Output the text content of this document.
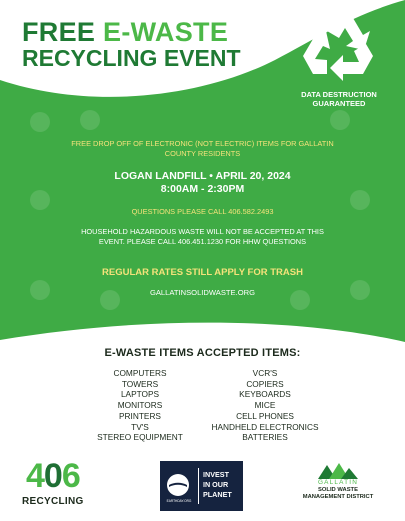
FREE E-WASTE
RECYCLING EVENT
DATA DESTRUCTION
GUARANTEED
FREE DROP OFF OF ELECTRONIC (NOT ELECTRIC) ITEMS FOR GALLATIN COUNTY RESIDENTS
LOGAN LANDFILL • APRIL 20, 2024
8:00AM - 2:30PM
QUESTIONS PLEASE CALL 406.582.2493
HOUSEHOLD HAZARDOUS WASTE WILL NOT BE ACCEPTED AT THIS EVENT. PLEASE CALL 406.451.1230 FOR HHW QUESTIONS
REGULAR RATES STILL APPLY FOR TRASH
GALLATINSOLIDWASTE.ORG
E-WASTE ITEMS ACCEPTED ITEMS:
COMPUTERS
TOWERS
LAPTOPS
MONITORS
PRINTERS
TV'S
STEREO EQUIPMENT
VCR'S
COPIERS
KEYBOARDS
MICE
CELL PHONES
HANDHELD ELECTRONICS
BATTERIES
406
RECYCLING	EARTHDAY.ORG
INVEST
IN OUR
PLANET
GALLATIN
SOLID WASTE
MANAGEMENT DISTRICT
